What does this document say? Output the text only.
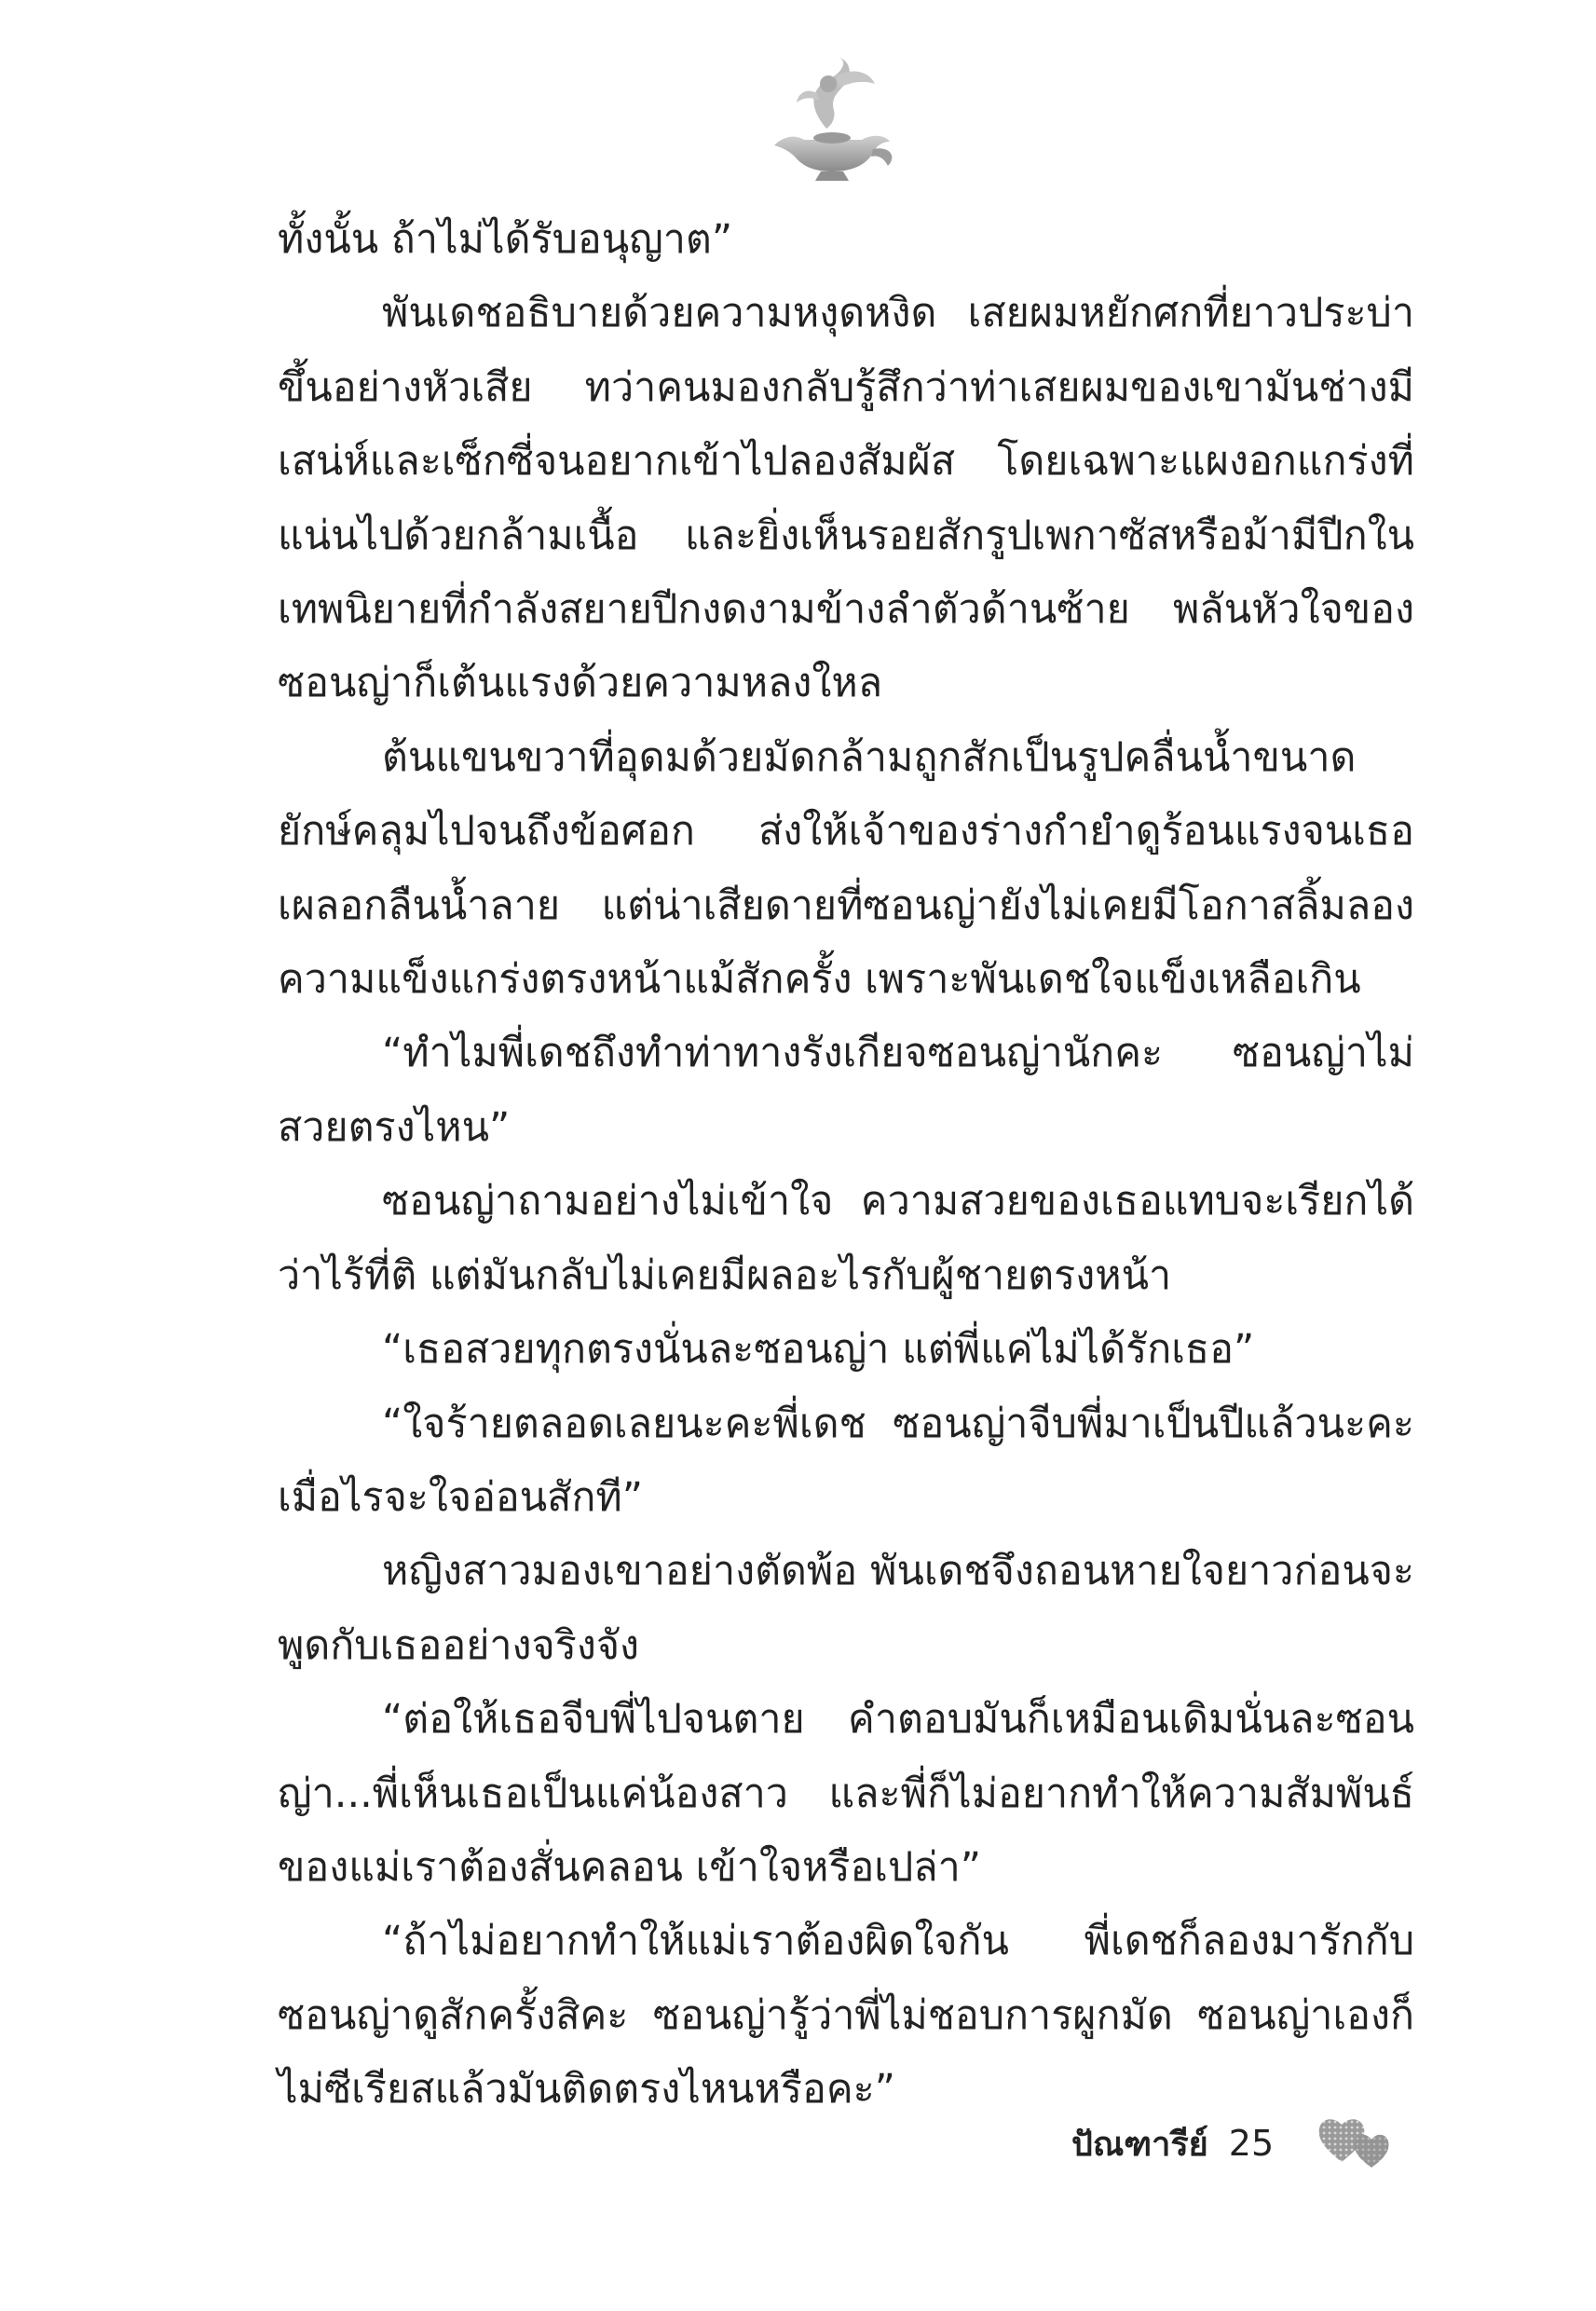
ทั้งนั้น ถ้าไม่ได้รับอนุญาต”

พันเดชอธิบายด้วยความหงุดหงิด เสยผมหยักศกที่ยาวประบ่าขึ้นอย่างหัวเสีย ทว่าคนมองกลับรู้สึกว่าท่าเสยผมของเขามันช่างมีเสน่ห์และเซ็กซี่จนอยากเข้าไปลองสัมผัส โดยเฉพาะแผงอกแกร่งที่แน่นไปด้วยกล้ามเนื้อ และยิ่งเห็นรอยสักรูปเพกาซัสหรือม้ามีปีกในเทพนิยายที่กำลังสยายปีกงดงามข้างลำตัวด้านซ้าย พลันหัวใจของซอนญ่าก็เต้นแรงด้วยความหลงใหล

ต้นแขนขวาที่อุดมด้วยมัดกล้ามถูกสักเป็นรูปคลื่นน้ำขนาดยักษ์คลุมไปจนถึงข้อศอก ส่งให้เจ้าของร่างกำยำดูร้อนแรงจนเธอเผลอกลืนน้ำลาย แต่น่าเสียดายที่ซอนญ่ายังไม่เคยมีโอกาสลิ้มลองความแข็งแกร่งตรงหน้าแม้สักครั้ง เพราะพันเดชใจแข็งเหลือเกิน

“ทำไมพี่เดชถึงทำท่าทางรังเกียจซอนญ่านักคะ ซอนญ่าไม่สวยตรงไหน”

ซอนญ่าถามอย่างไม่เข้าใจ ความสวยของเธอแทบจะเรียกได้ว่าไร้ที่ติ แต่มันกลับไม่เคยมีผลอะไรกับผู้ชายตรงหน้า

“เธอสวยทุกตรงนั่นละซอนญ่า แต่พี่แค่ไม่ได้รักเธอ”

“ใจร้ายตลอดเลยนะคะพี่เดช ซอนญ่าจีบพี่มาเป็นปีแล้วนะคะเมื่อไรจะใจอ่อนสักที”

หญิงสาวมองเขาอย่างตัดพ้อ พันเดชจึงถอนหายใจยาวก่อนจะพูดกับเธออย่างจริงจัง

“ต่อให้เธอจีบพี่ไปจนตาย คำตอบมันก็เหมือนเดิมนั่นละซอนญ่า...พี่เห็นเธอเป็นแค่น้องสาว และพี่ก็ไม่อยากทำให้ความสัมพันธ์ของแม่เราต้องสั่นคลอน เข้าใจหรือเปล่า”

“ถ้าไม่อยากทำให้แม่เราต้องผิดใจกัน พี่เดชก็ลองมารักกับซอนญ่าดูสักครั้งสิคะ ซอนญ่ารู้ว่าพี่ไม่ชอบการผูกมัด ซอนญ่าเองก็ไม่ซีเรียสแล้วมันติดตรงไหนหรือคะ”

ปัณฑารีย์ 25
